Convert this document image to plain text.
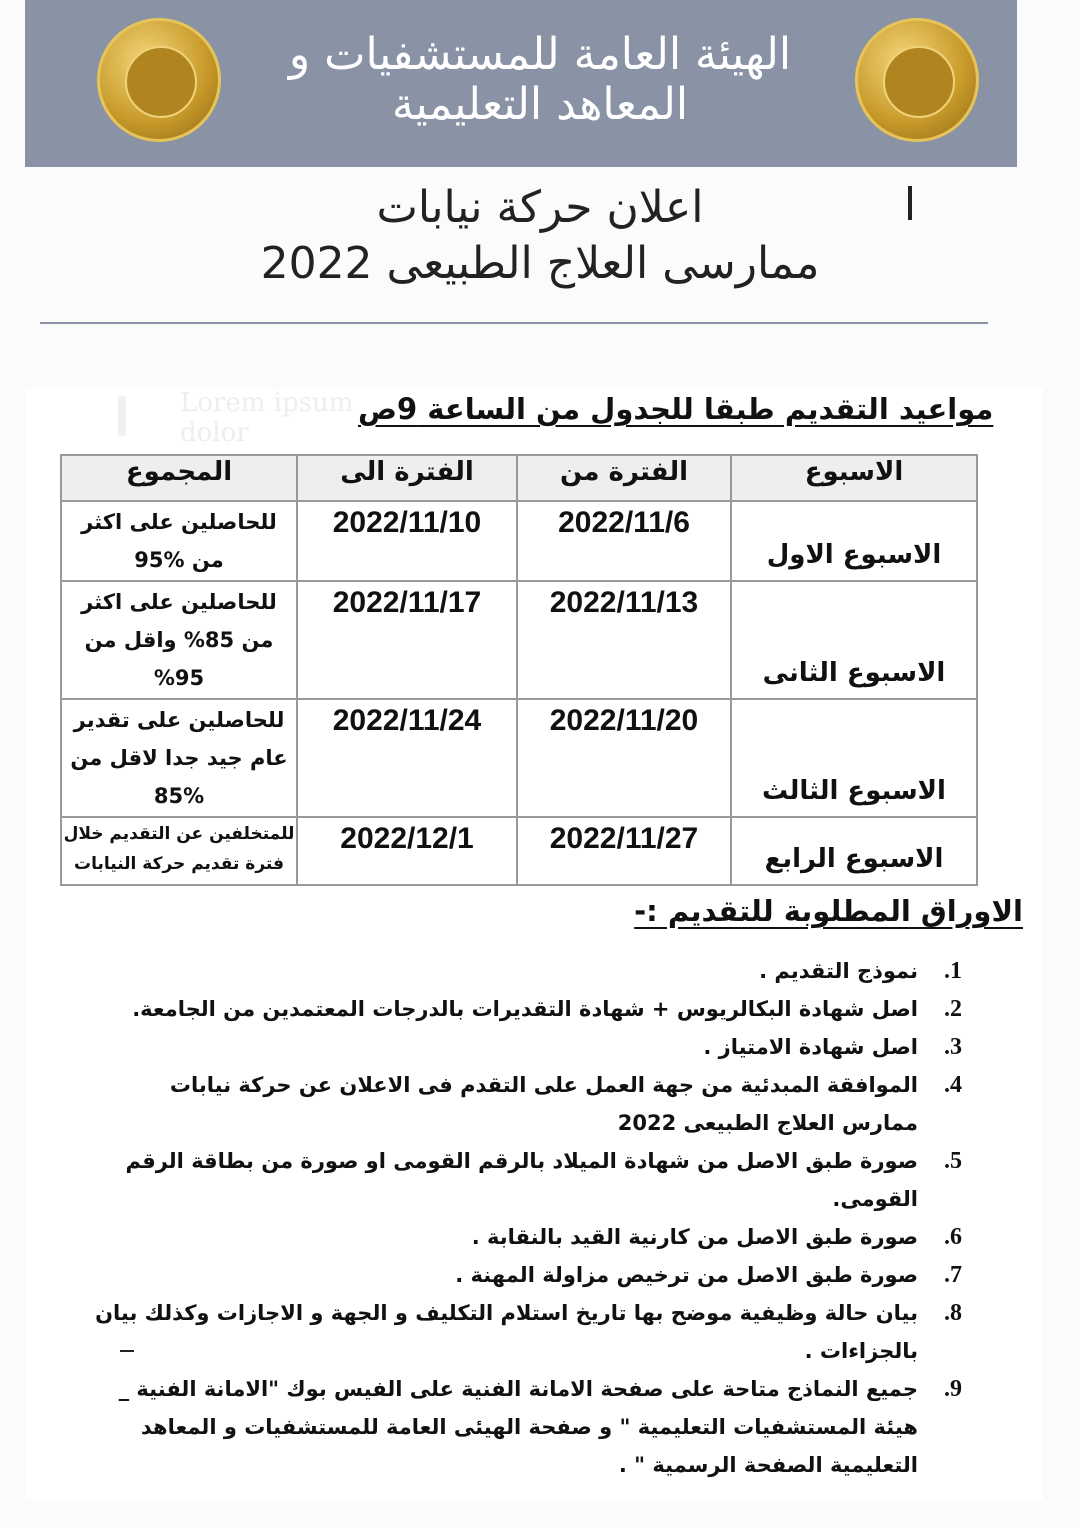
الهيئة العامة للمستشفيات و
المعاهد التعليمية
اعلان حركة نيابات
ممارسى العلاج الطبيعى 2022
Lorem ipsum
dolor
مواعيد التقديم طبقا للجدول من الساعة 9ص
الاسبوع	الفترة من	الفترة الى	المجموع
الاسبوع الاول	2022/11/6	2022/11/10	للحاصلين على اكثر من %95
الاسبوع الثانى	2022/11/13	2022/11/17	للحاصلين على اكثر من 85% واقل من 95%
الاسبوع الثالث	2022/11/20	2022/11/24	للحاصلين على تقدير عام جيد جدا لاقل من %85
الاسبوع الرابع	2022/11/27	2022/12/1	للمتخلفين عن التقديم خلال فترة تقديم حركة النيابات
الاوراق المطلوبة للتقديم :-
1.
نموذج التقديم .
2.
اصل شهادة البكالريوس + شهادة التقديرات بالدرجات المعتمدين من الجامعة.
3.
اصل شهادة الامتياز .
4.
الموافقة المبدئية من جهة العمل على التقدم فى الاعلان عن حركة نيابات ممارس العلاج الطبيعى 2022
5.
صورة طبق الاصل من شهادة الميلاد بالرقم القومى او صورة من بطاقة الرقم القومى.
6.
صورة طبق الاصل من كارنية القيد بالنقابة .
7.
صورة طبق الاصل من ترخيص مزاولة المهنة .
8.
بيان حالة وظيفية موضح بها تاريخ استلام التكليف و الجهة و الاجازات وكذلك بيان بالجزاءات .
9.
جميع النماذج متاحة على صفحة الامانة الفنية على الفيس بوك "الامانة الفنية _ هيئة المستشفيات التعليمية " و صفحة الهيئى العامة للمستشفيات و المعاهد التعليمية الصفحة الرسمية " .
